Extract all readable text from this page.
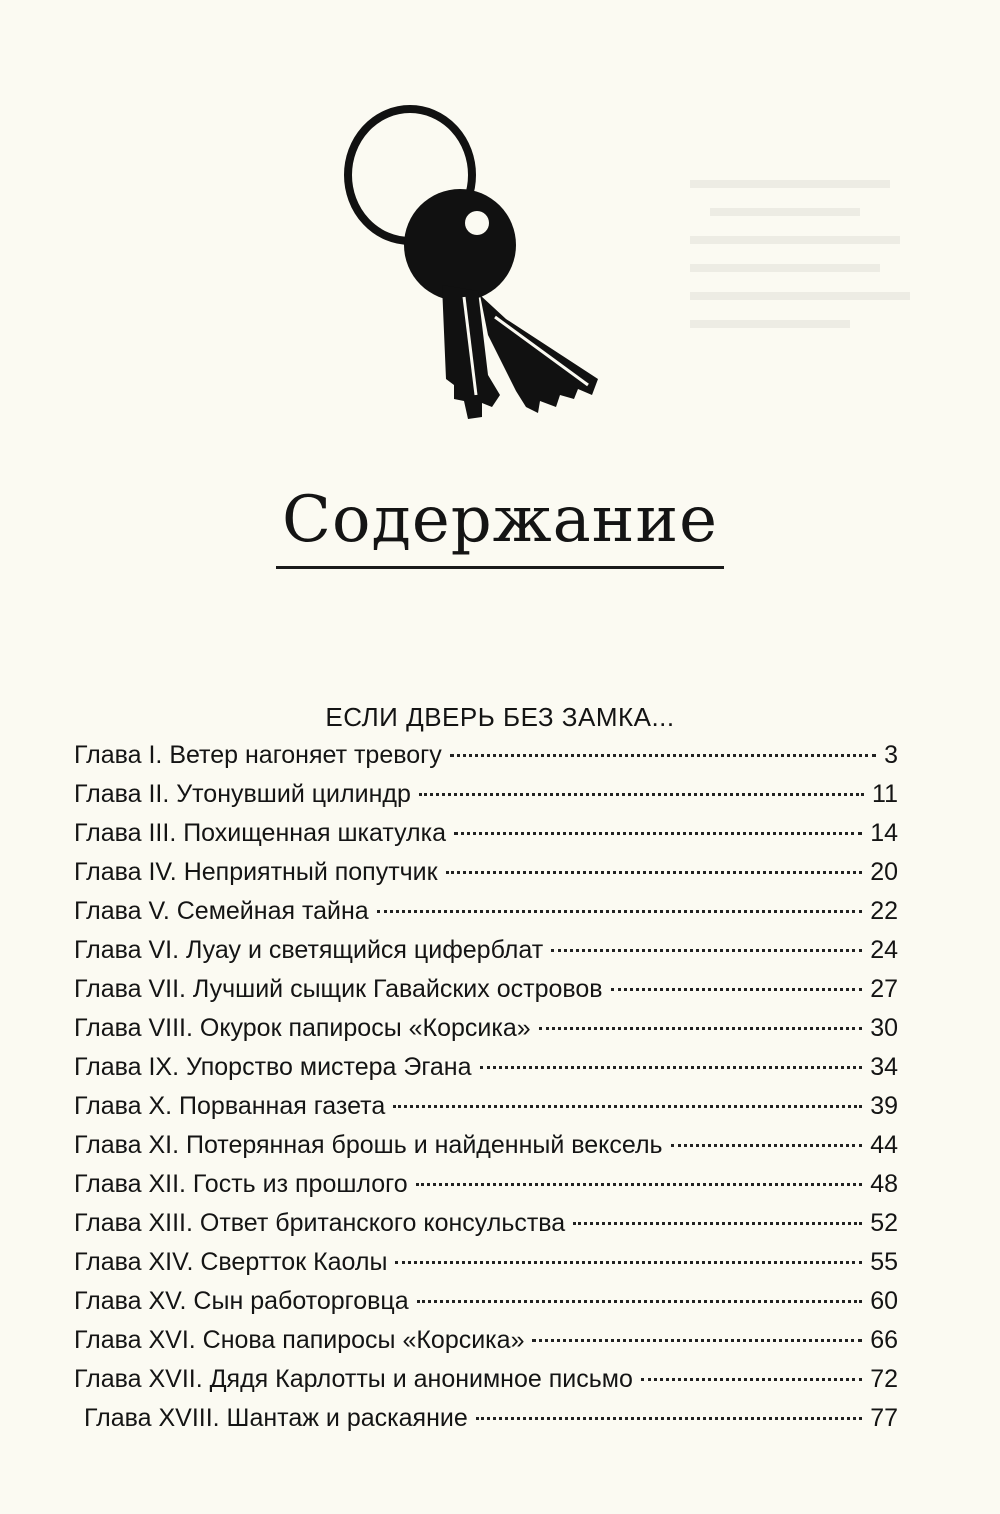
Содержание
ЕСЛИ ДВЕРЬ БЕЗ ЗАМКА...
Глава I. Ветер нагоняет тревогу	3
Глава II. Утонувший цилиндр	11
Глава III. Похищенная шкатулка	14
Глава IV. Неприятный попутчик	20
Глава V. Семейная тайна	22
Глава VI. Луау и светящийся циферблат	24
Глава VII. Лучший сыщик Гавайских островов	27
Глава VIII. Окурок папиросы «Корсика»	30
Глава IX. Упорство мистера Эгана	34
Глава X. Порванная газета	39
Глава XI. Потерянная брошь и найденный вексель	44
Глава XII. Гость из прошлого	48
Глава XIII. Ответ британского консульства	52
Глава XIV. Свертток Каолы	55
Глава XV. Сын работорговца	60
Глава XVI. Снова папиросы «Корсика»	66
Глава XVII. Дядя Карлотты и анонимное письмо	72
Глава XVIII. Шантаж и раскаяние	77
